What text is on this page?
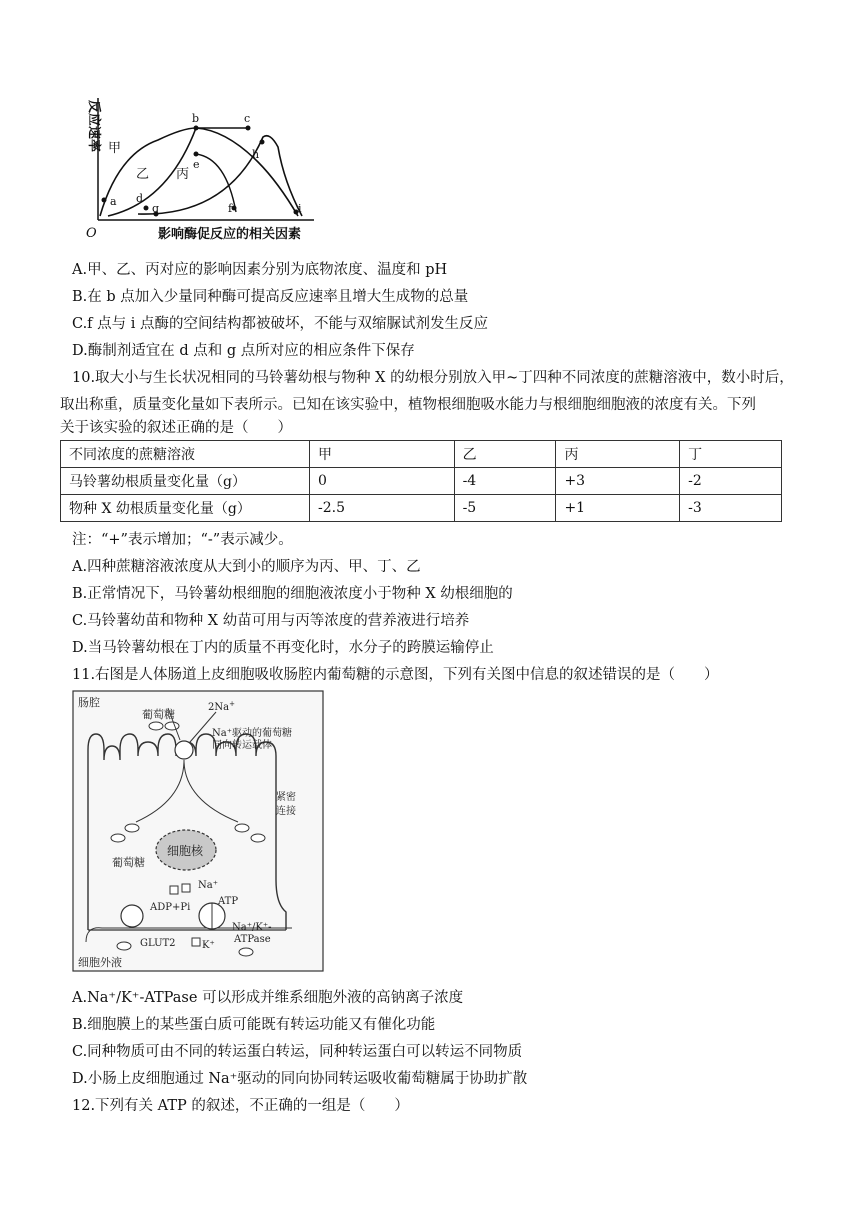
反应速率
影响酶促反应的相关因素
O
甲
乙 丙
a
b	c
d
e
f
g
h
i
A.甲、乙、丙对应的影响因素分别为底物浓度、温度和 pH
B.在 b 点加入少量同种酶可提高反应速率且增大生成物的总量
C.f 点与 i 点酶的空间结构都被破坏，不能与双缩脲试剂发生反应
D.酶制剂适宜在 d 点和 g 点所对应的相应条件下保存
10.取大小与生长状况相同的马铃薯幼根与物种 X 的幼根分别放入甲~丁四种不同浓度的蔗糖溶液中，数小时后，
取出称重，质量变化量如下表所示。已知在该实验中，植物根细胞吸水能力与根细胞细胞液的浓度有关。下列
关于该实验的叙述正确的是（　　）
不同浓度的蔗糖溶液	甲	乙	丙	丁
马铃薯幼根质量变化量（g）	0	-4	+3	-2
物种 X 幼根质量变化量（g）	-2.5	-5	+1	-3
注：“+”表示增加；“-”表示减少。
A.四种蔗糖溶液浓度从大到小的顺序为丙、甲、丁、乙
B.正常情况下，马铃薯幼根细胞的细胞液浓度小于物种 X 幼根细胞的
C.马铃薯幼苗和物种 X 幼苗可用与丙等浓度的营养液进行培养
D.当马铃薯幼根在丁内的质量不再变化时，水分子的跨膜运输停止
11.右图是人体肠道上皮细胞吸收肠腔内葡萄糖的示意图，下列有关图中信息的叙述错误的是（　　）
细胞核
肠腔
葡萄糖
2Na+
Na⁺驱动的葡萄糖
同向转运载体
紧密
连接
葡萄糖
Na⁺
ADP+Pi
ATP
Na⁺/K⁺-
ATPase
GLUT2	K⁺
细胞外液
A.Na⁺/K⁺-ATPase 可以形成并维系细胞外液的高钠离子浓度
B.细胞膜上的某些蛋白质可能既有转运功能又有催化功能
C.同种物质可由不同的转运蛋白转运，同种转运蛋白可以转运不同物质
D.小肠上皮细胞通过 Na⁺驱动的同向协同转运吸收葡萄糖属于协助扩散
12.下列有关 ATP 的叙述，不正确的一组是（　　）
